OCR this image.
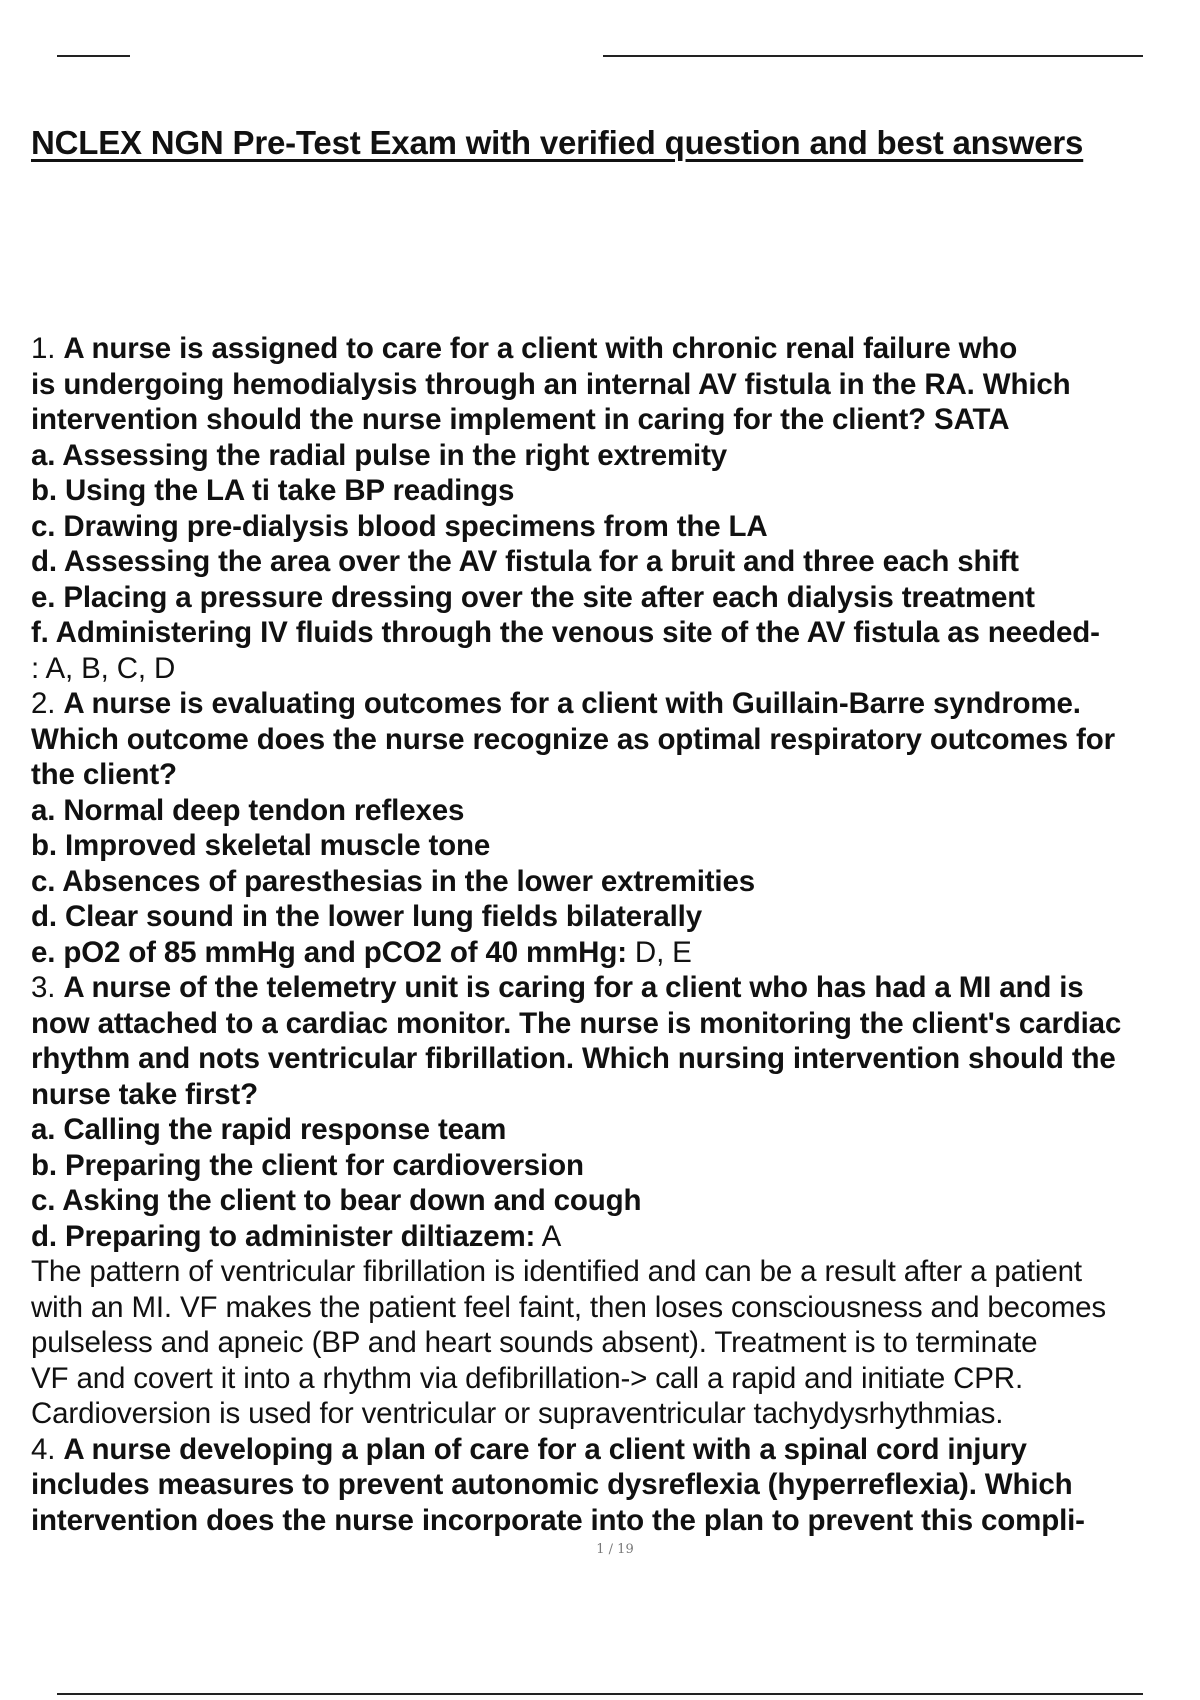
NCLEX NGN Pre-Test Exam with verified question and best answers
1. A nurse is assigned to care for a client with chronic renal failure who
is undergoing hemodialysis through an internal AV fistula in the RA. Which
intervention should the nurse implement in caring for the client? SATA
a. Assessing the radial pulse in the right extremity
b. Using the LA ti take BP readings
c. Drawing pre-dialysis blood specimens from the LA
d. Assessing the area over the AV fistula for a bruit and three each shift
e. Placing a pressure dressing over the site after each dialysis treatment
f. Administering IV fluids through the venous site of the AV fistula as needed-
: A, B, C, D
2. A nurse is evaluating outcomes for a client with Guillain-Barre syndrome.
Which outcome does the nurse recognize as optimal respiratory outcomes for
the client?
a. Normal deep tendon reflexes
b. Improved skeletal muscle tone
c. Absences of paresthesias in the lower extremities
d. Clear sound in the lower lung fields bilaterally
e. pO2 of 85 mmHg and pCO2 of 40 mmHg: D, E
3. A nurse of the telemetry unit is caring for a client who has had a MI and is
now attached to a cardiac monitor. The nurse is monitoring the client's cardiac
rhythm and nots ventricular fibrillation. Which nursing intervention should the
nurse take first?
a. Calling the rapid response team
b. Preparing the client for cardioversion
c. Asking the client to bear down and cough
d. Preparing to administer diltiazem: A
The pattern of ventricular fibrillation is identified and can be a result after a patient
with an MI. VF makes the patient feel faint, then loses consciousness and becomes
pulseless and apneic (BP and heart sounds absent). Treatment is to terminate
VF and covert it into a rhythm via defibrillation-> call a rapid and initiate CPR.
Cardioversion is used for ventricular or supraventricular tachydysrhythmias.
4. A nurse developing a plan of care for a client with a spinal cord injury
includes measures to prevent autonomic dysreflexia (hyperreflexia). Which
intervention does the nurse incorporate into the plan to prevent this compli-
1 / 19
